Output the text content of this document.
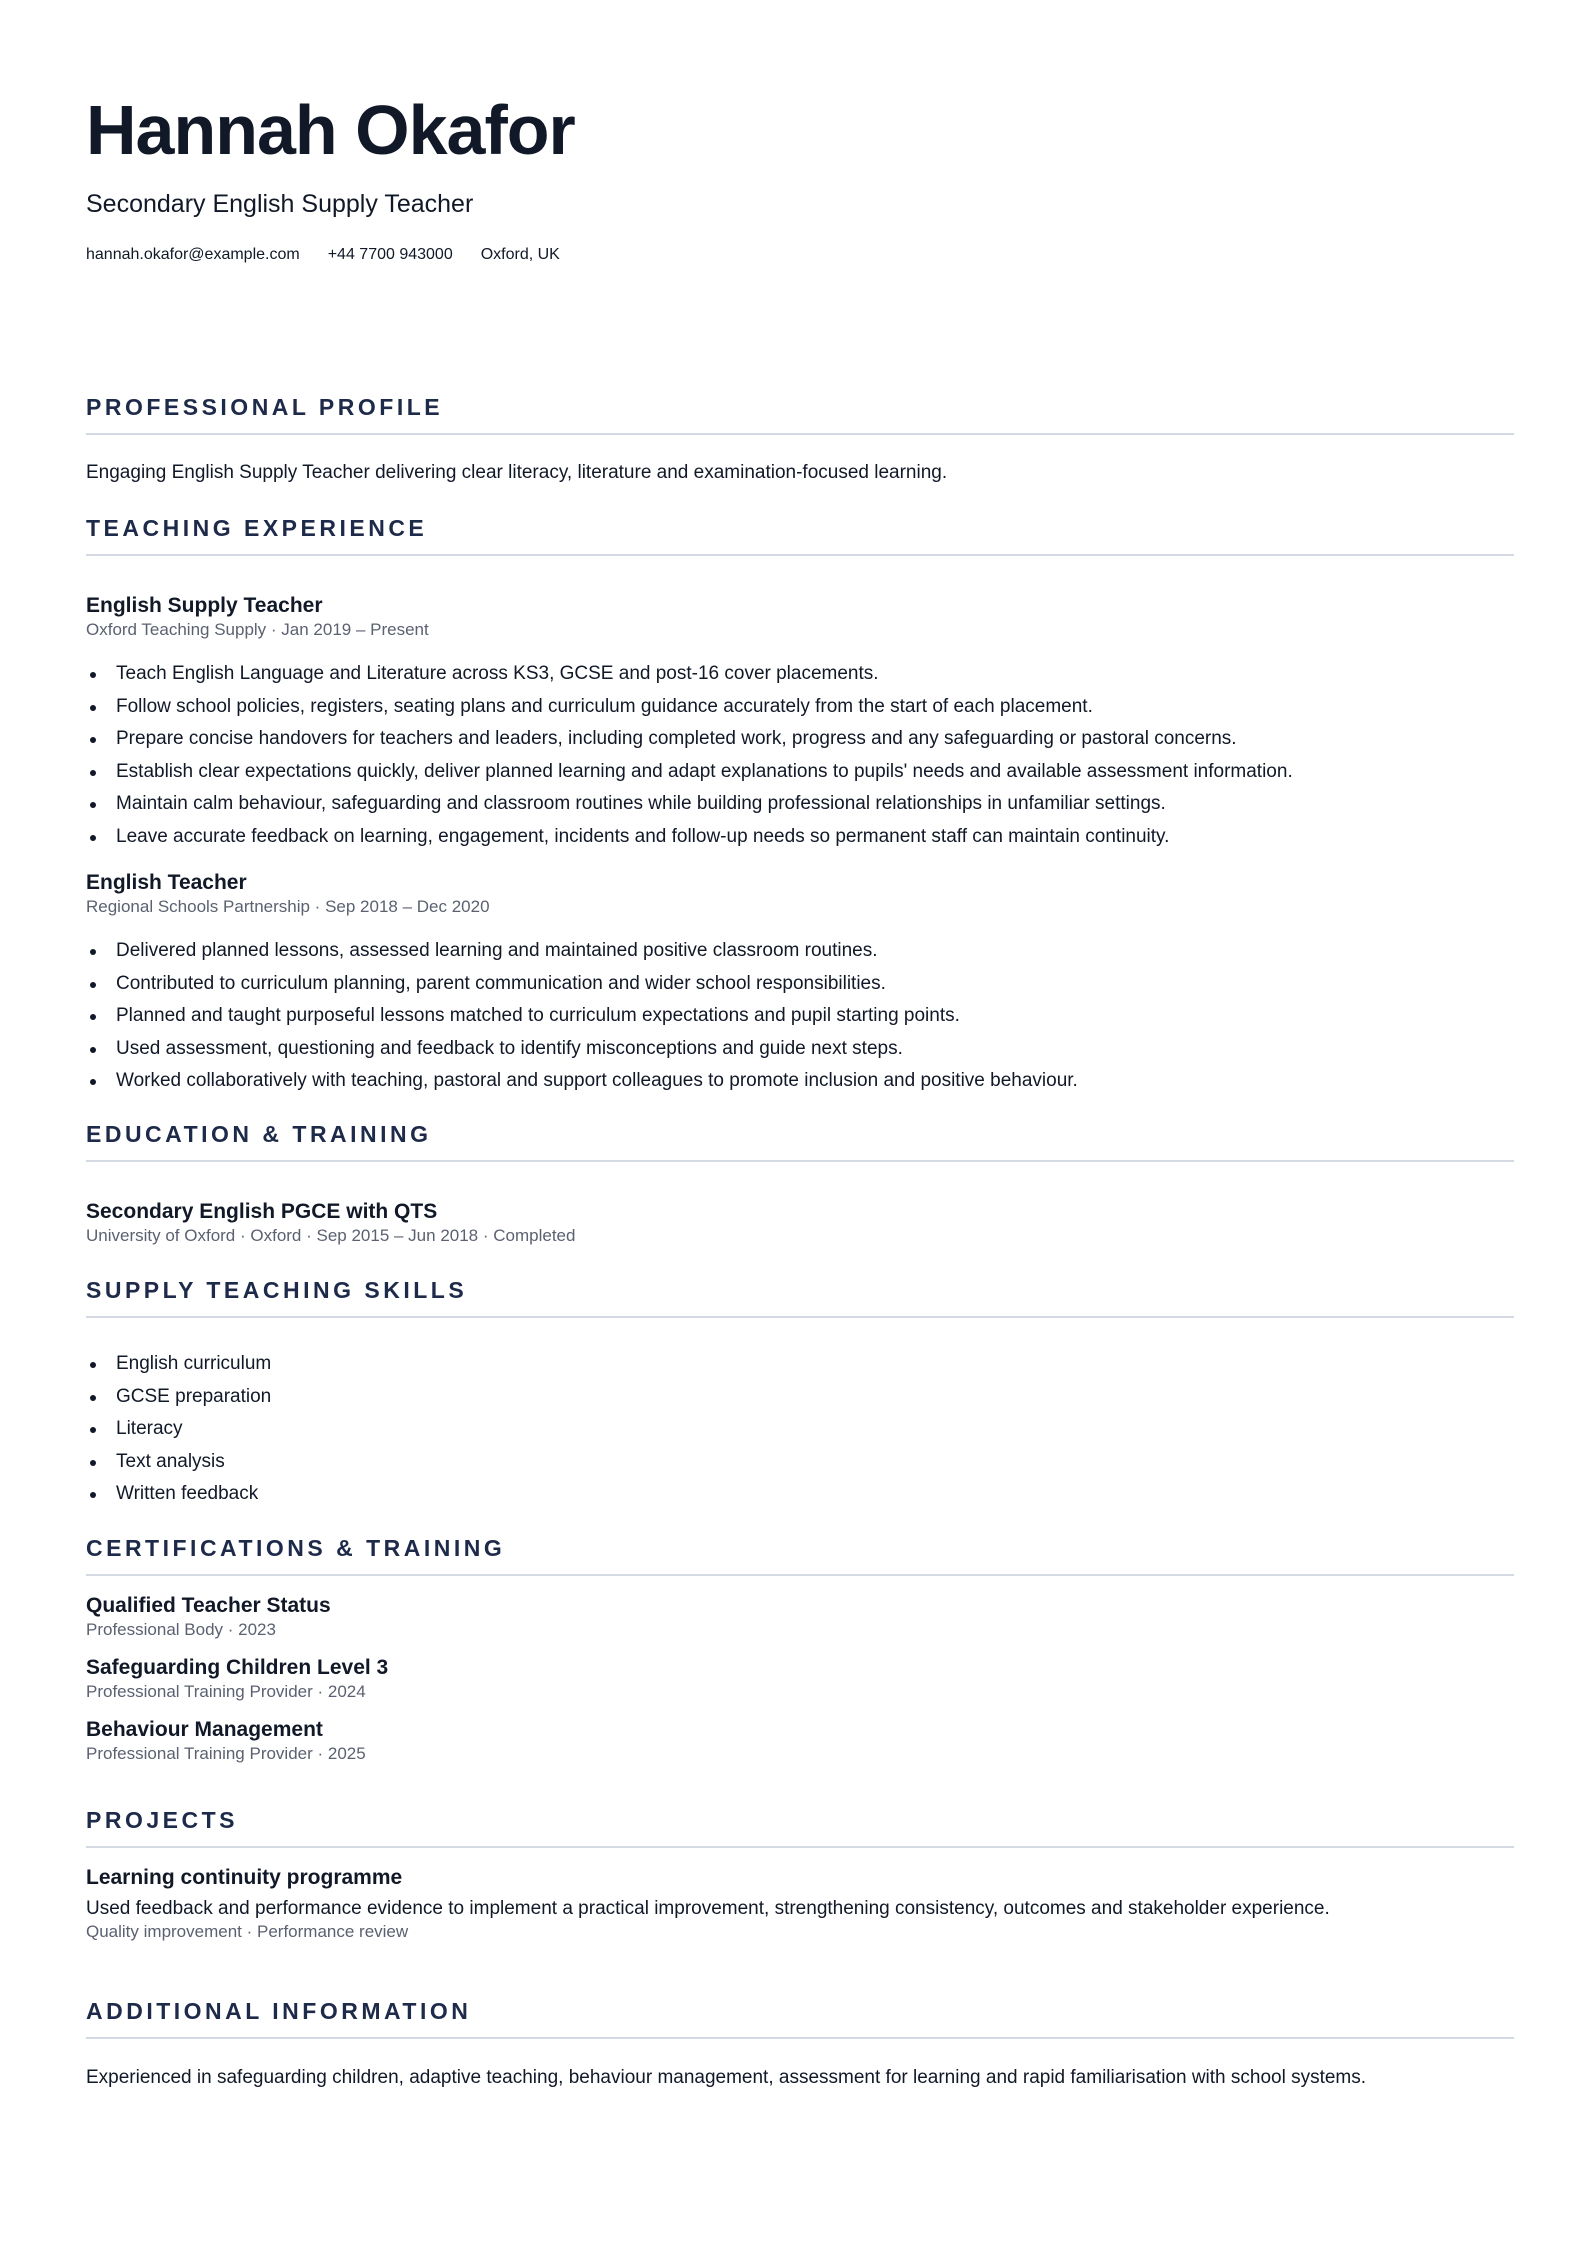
Hannah Okafor
Secondary English Supply Teacher
hannah.okafor@example.com +44 7700 943000 Oxford, UK
PROFESSIONAL PROFILE
Engaging English Supply Teacher delivering clear literacy, literature and examination-focused learning.
TEACHING EXPERIENCE
English Supply Teacher
Oxford Teaching Supply · Jan 2019 – Present
Teach English Language and Literature across KS3, GCSE and post-16 cover placements.
Follow school policies, registers, seating plans and curriculum guidance accurately from the start of each placement.
Prepare concise handovers for teachers and leaders, including completed work, progress and any safeguarding or pastoral concerns.
Establish clear expectations quickly, deliver planned learning and adapt explanations to pupils' needs and available assessment information.
Maintain calm behaviour, safeguarding and classroom routines while building professional relationships in unfamiliar settings.
Leave accurate feedback on learning, engagement, incidents and follow-up needs so permanent staff can maintain continuity.
English Teacher
Regional Schools Partnership · Sep 2018 – Dec 2020
Delivered planned lessons, assessed learning and maintained positive classroom routines.
Contributed to curriculum planning, parent communication and wider school responsibilities.
Planned and taught purposeful lessons matched to curriculum expectations and pupil starting points.
Used assessment, questioning and feedback to identify misconceptions and guide next steps.
Worked collaboratively with teaching, pastoral and support colleagues to promote inclusion and positive behaviour.
EDUCATION & TRAINING
Secondary English PGCE with QTS
University of Oxford · Oxford · Sep 2015 – Jun 2018 · Completed
SUPPLY TEACHING SKILLS
English curriculum
GCSE preparation
Literacy
Text analysis
Written feedback
CERTIFICATIONS & TRAINING
Qualified Teacher Status
Professional Body · 2023
Safeguarding Children Level 3
Professional Training Provider · 2024
Behaviour Management
Professional Training Provider · 2025
PROJECTS
Learning continuity programme
Used feedback and performance evidence to implement a practical improvement, strengthening consistency, outcomes and stakeholder experience.
Quality improvement · Performance review
ADDITIONAL INFORMATION
Experienced in safeguarding children, adaptive teaching, behaviour management, assessment for learning and rapid familiarisation with school systems.
